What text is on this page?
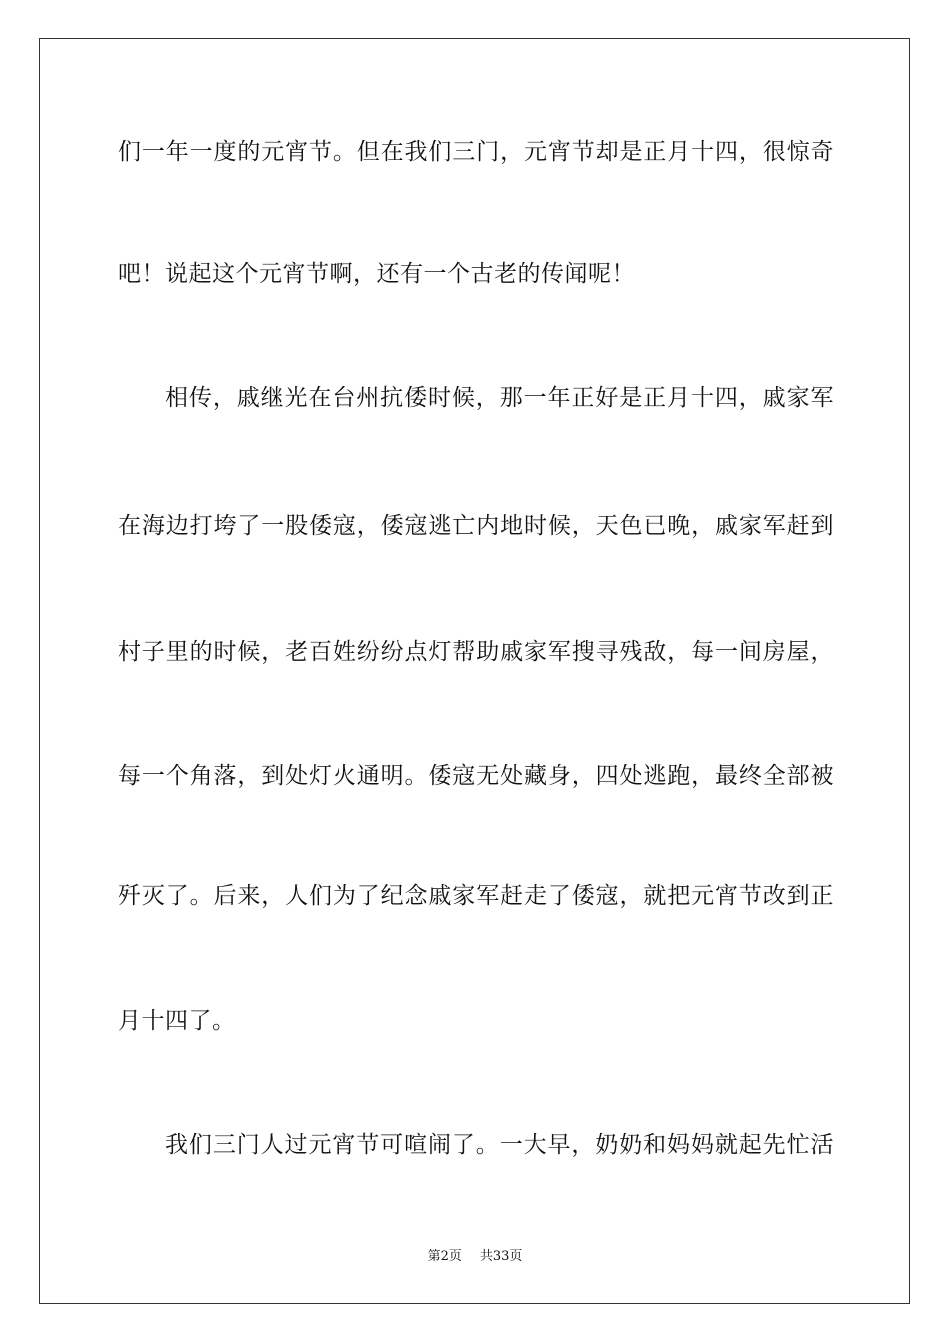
们一年一度的元宵节。但在我们三门，元宵节却是正月十四，很惊奇
吧！说起这个元宵节啊，还有一个古老的传闻呢！
相传，戚继光在台州抗倭时候，那一年正好是正月十四，戚家军
在海边打垮了一股倭寇，倭寇逃亡内地时候，天色已晚，戚家军赶到
村子里的时候，老百姓纷纷点灯帮助戚家军搜寻残敌，每一间房屋，
每一个角落，到处灯火通明。倭寇无处藏身，四处逃跑，最终全部被
歼灭了。后来，人们为了纪念戚家军赶走了倭寇，就把元宵节改到正
月十四了。
我们三门人过元宵节可喧闹了。一大早，奶奶和妈妈就起先忙活
第2页 共33页
